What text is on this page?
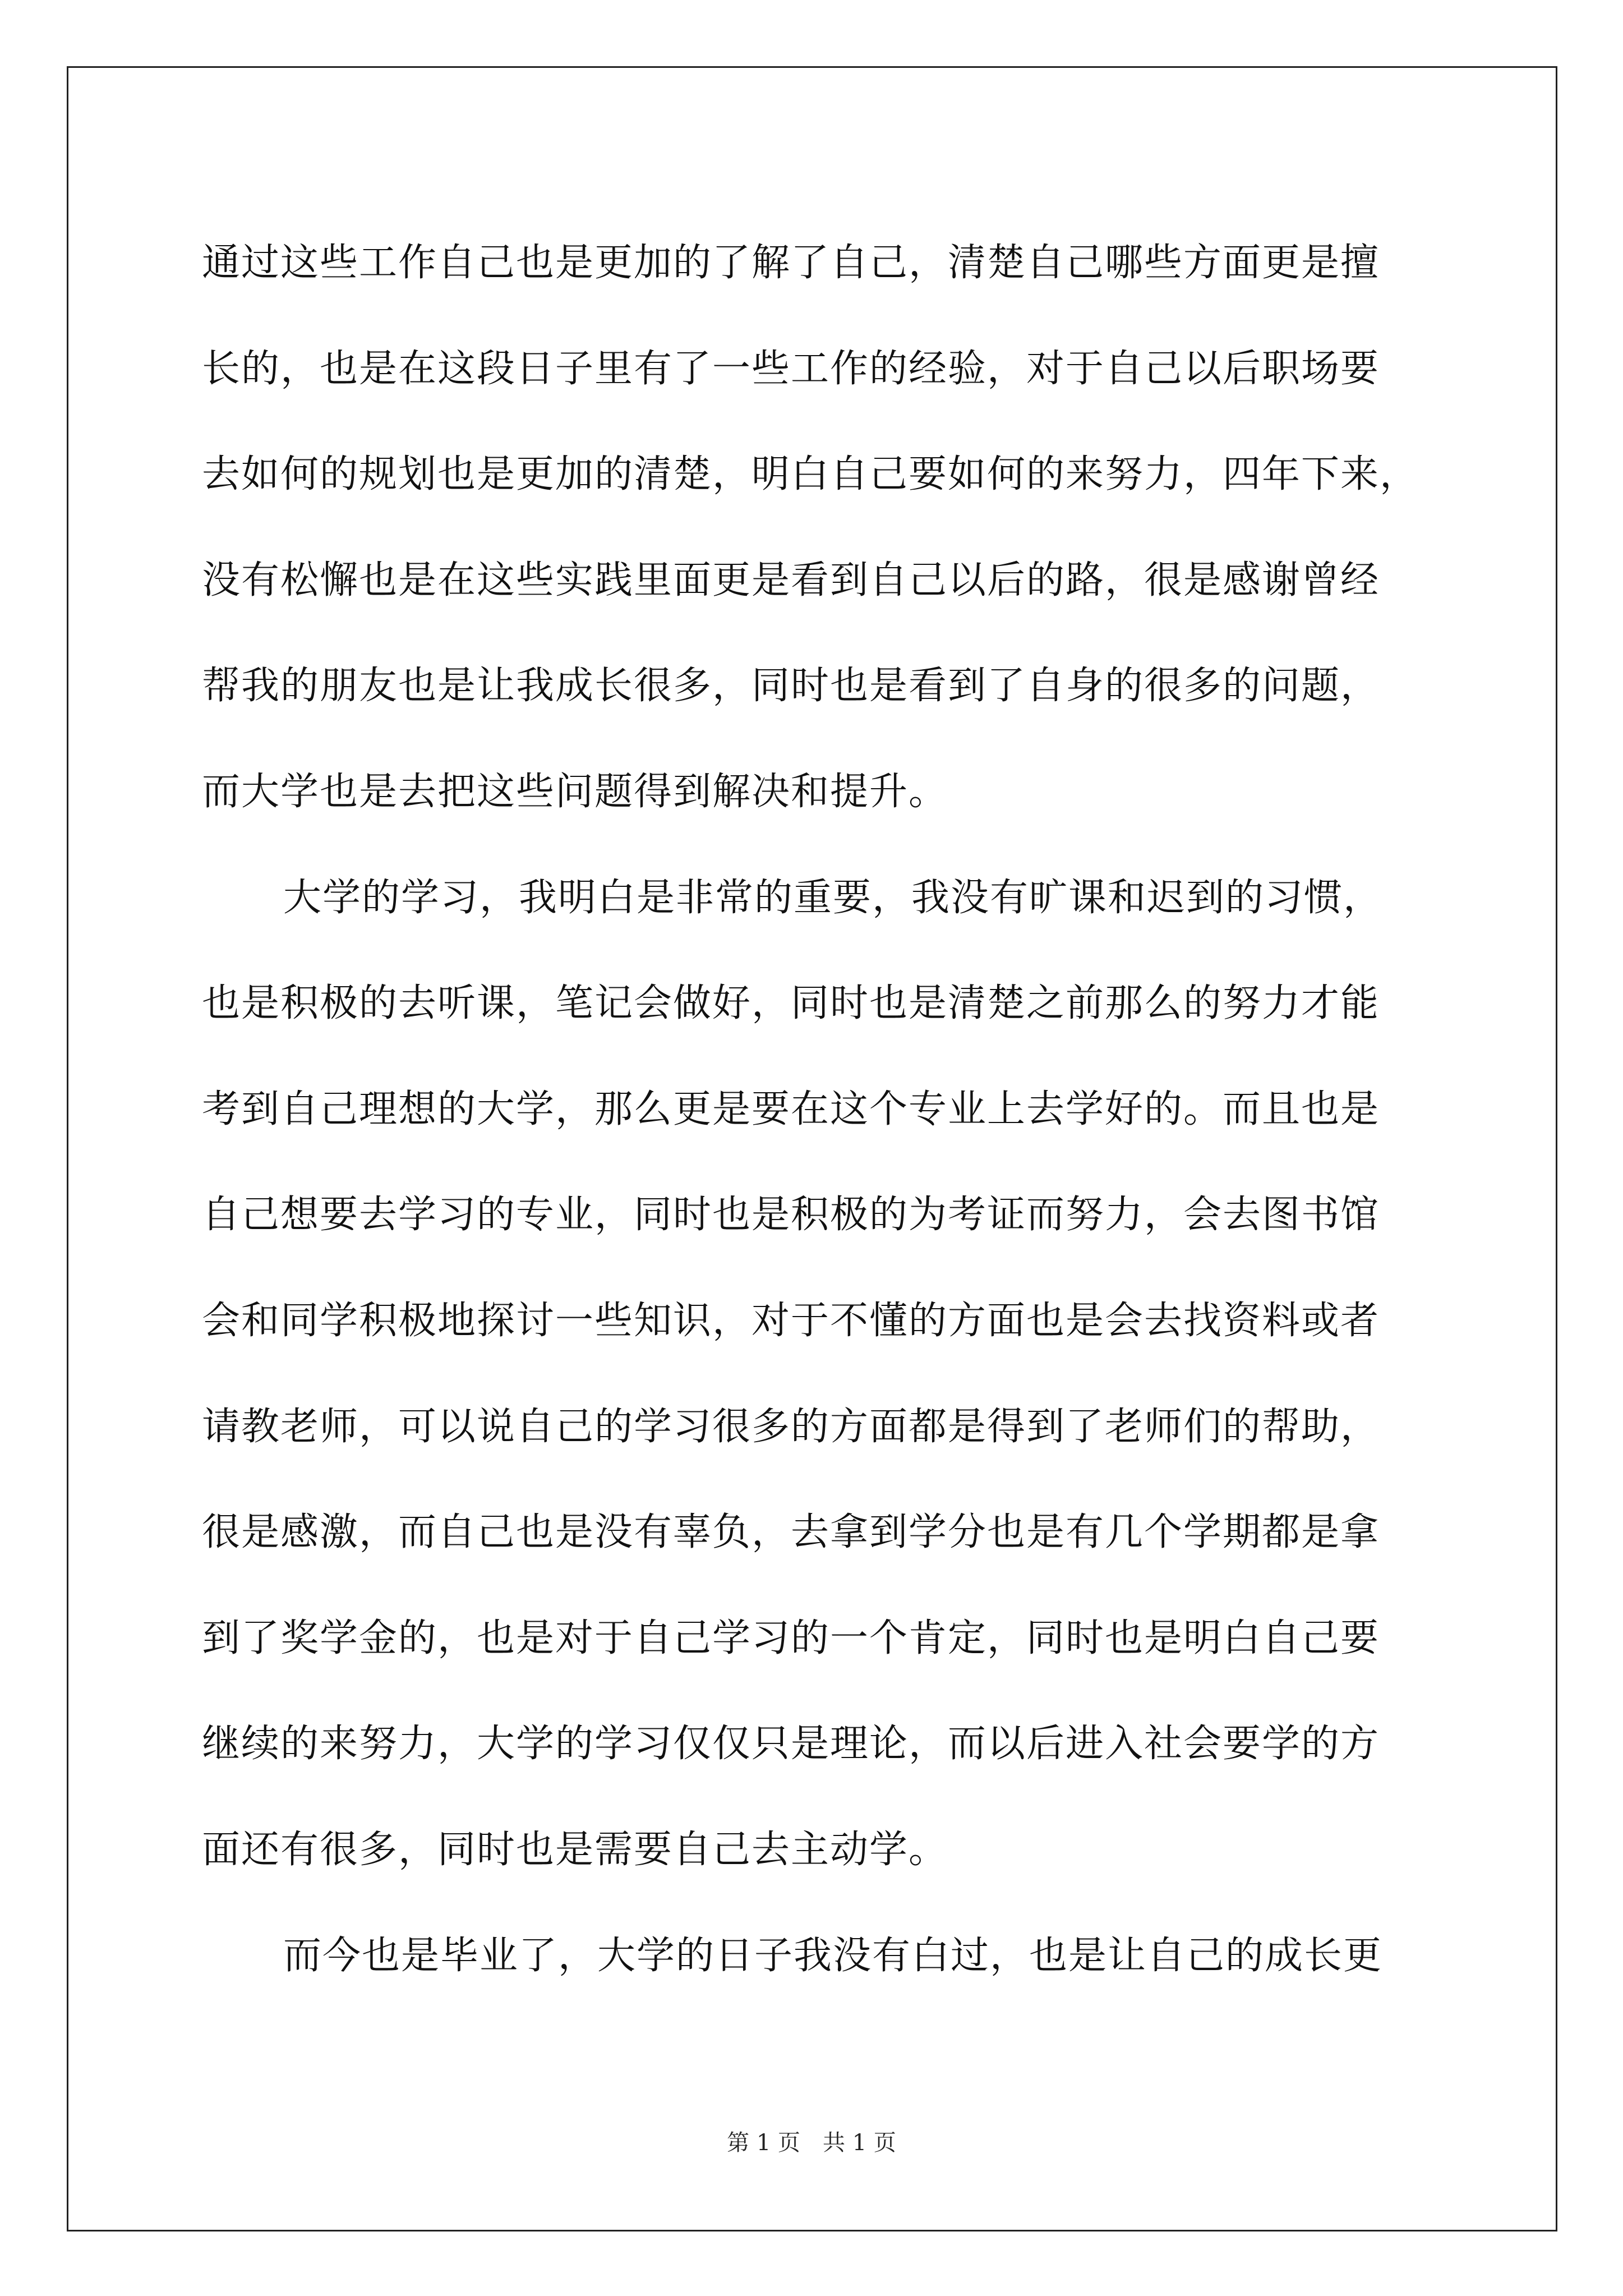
通过这些工作自己也是更加的了解了自己，清楚自己哪些方面更是擅
长的，也是在这段日子里有了一些工作的经验，对于自己以后职场要
去如何的规划也是更加的清楚，明白自己要如何的来努力，四年下来，
没有松懈也是在这些实践里面更是看到自己以后的路，很是感谢曾经
帮我的朋友也是让我成长很多，同时也是看到了自身的很多的问题，
而大学也是去把这些问题得到解决和提升。
大学的学习，我明白是非常的重要，我没有旷课和迟到的习惯，
也是积极的去听课，笔记会做好，同时也是清楚之前那么的努力才能
考到自己理想的大学，那么更是要在这个专业上去学好的。而且也是
自己想要去学习的专业，同时也是积极的为考证而努力，会去图书馆
会和同学积极地探讨一些知识，对于不懂的方面也是会去找资料或者
请教老师，可以说自己的学习很多的方面都是得到了老师们的帮助，
很是感激，而自己也是没有辜负，去拿到学分也是有几个学期都是拿
到了奖学金的，也是对于自己学习的一个肯定，同时也是明白自己要
继续的来努力，大学的学习仅仅只是理论，而以后进入社会要学的方
面还有很多，同时也是需要自己去主动学。
而今也是毕业了，大学的日子我没有白过，也是让自己的成长更
第 1 页　共 1 页
